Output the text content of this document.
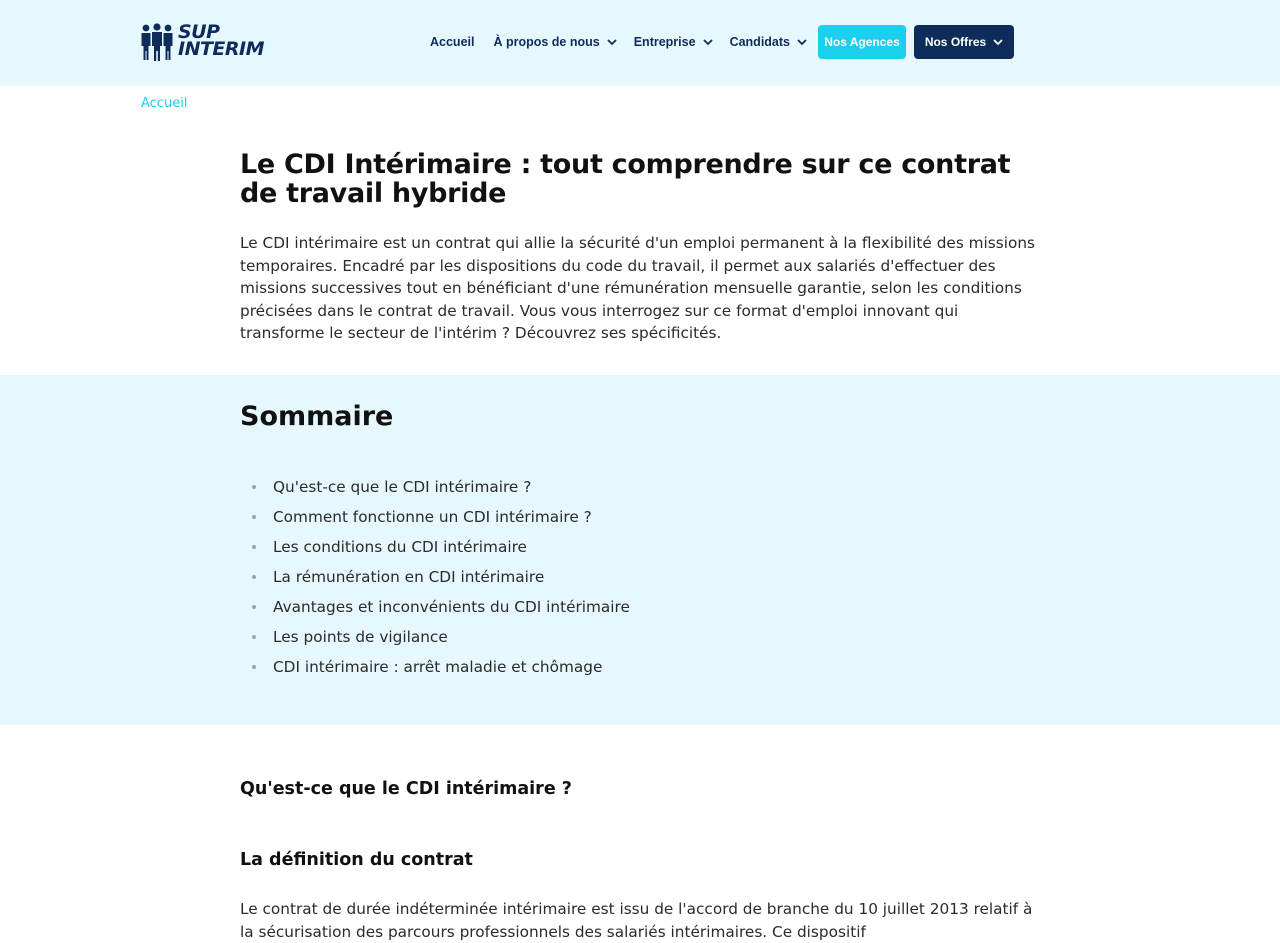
SUP
INTERIM	Accueil À propos de nous	Entreprise	Candidats	Nos Agences Nos Offres
Accueil
Le CDI Intérimaire : tout comprendre sur ce contrat de travail hybride

Le CDI intérimaire est un contrat qui allie la sécurité d'un emploi permanent à la flexibilité des missions temporaires. Encadré par les dispositions du code du travail, il permet aux salariés d'effectuer des missions successives tout en bénéficiant d'une rémunération mensuelle garantie, selon les conditions précisées dans le contrat de travail. Vous vous interrogez sur ce format d'emploi innovant qui transforme le secteur de l'intérim ? Découvrez ses spécificités.

Sommaire
Qu'est-ce que le CDI intérimaire ?
Comment fonctionne un CDI intérimaire ?
Les conditions du CDI intérimaire
La rémunération en CDI intérimaire
Avantages et inconvénients du CDI intérimaire
Les points de vigilance
CDI intérimaire : arrêt maladie et chômage
Qu'est-ce que le CDI intérimaire ?
La définition du contrat

Le contrat de durée indéterminée intérimaire est issu de l'accord de branche du 10 juillet 2013 relatif à la sécurisation des parcours professionnels des salariés intérimaires. Ce dispositif
